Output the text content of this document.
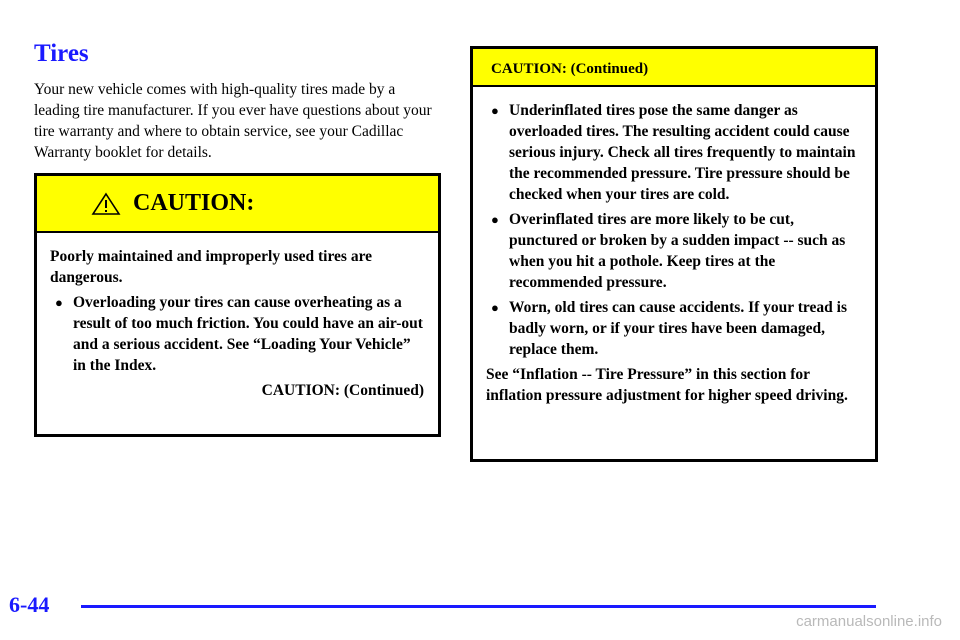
Tires
Your new vehicle comes with high-quality tires made by a leading tire manufacturer. If you ever have questions about your tire warranty and where to obtain service, see your Cadillac Warranty booklet for details.
CAUTION:

Poorly maintained and improperly used tires are dangerous.

● Overloading your tires can cause overheating as a result of too much friction. You could have an air-out and a serious accident. See “Loading Your Vehicle” in the Index.
CAUTION: (Continued)
CAUTION: (Continued)
● Underinflated tires pose the same danger as overloaded tires. The resulting accident could cause serious injury. Check all tires frequently to maintain the recommended pressure. Tire pressure should be checked when your tires are cold.
● Overinflated tires are more likely to be cut, punctured or broken by a sudden impact -- such as when you hit a pothole. Keep tires at the recommended pressure.
● Worn, old tires can cause accidents. If your tread is badly worn, or if your tires have been damaged, replace them.

See “Inflation -- Tire Pressure” in this section for inflation pressure adjustment for higher speed driving.

6-44
carmanualsonline.info
